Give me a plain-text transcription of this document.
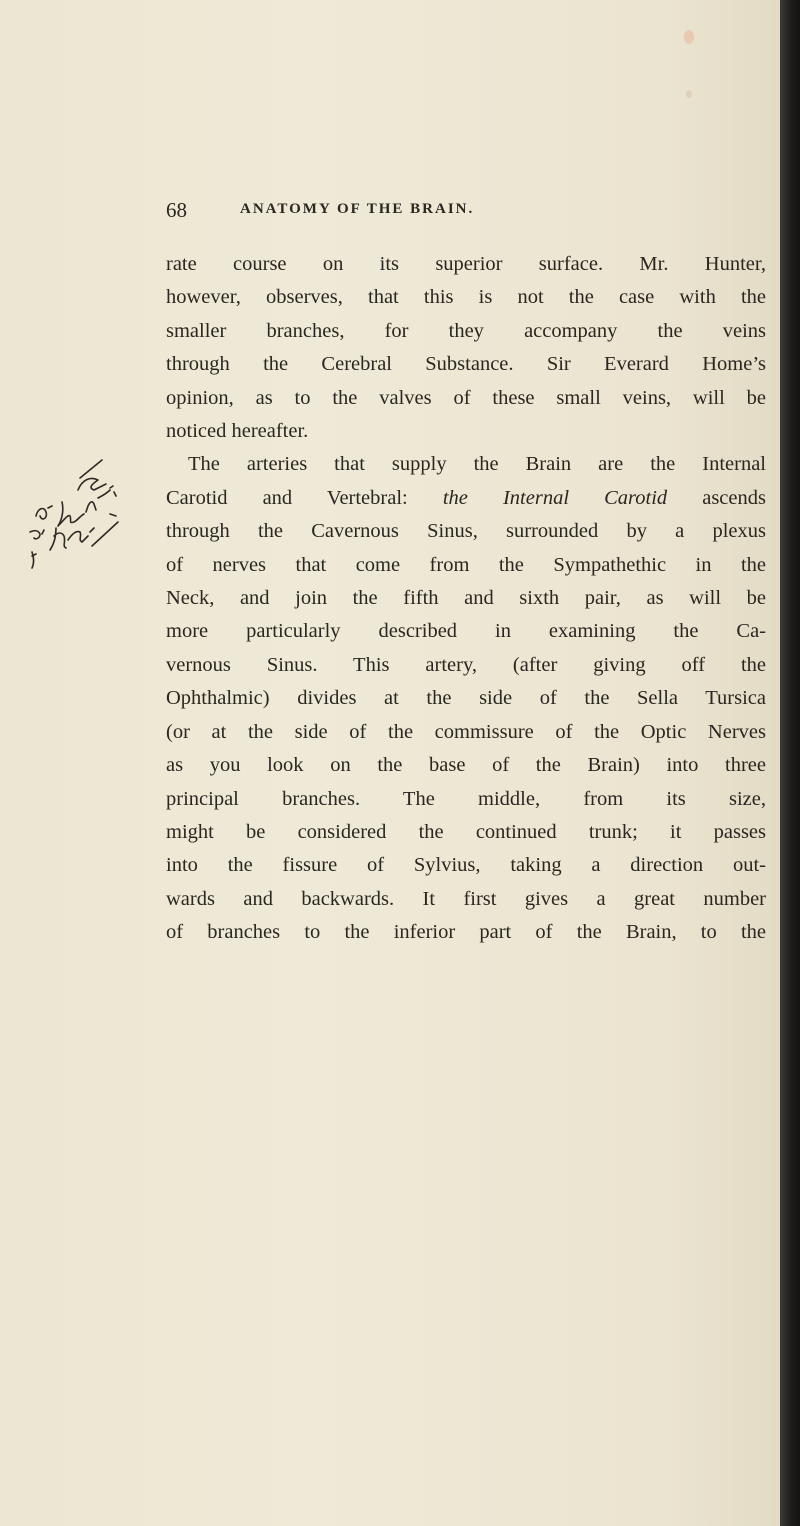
68	ANATOMY OF THE BRAIN.
rate course on its superior surface. Mr. Hunter,
however, observes, that this is not the case with the
smaller branches, for they accompany the veins
through the Cerebral Substance. Sir Everard Home’s
opinion, as to the valves of these small veins, will be
noticed hereafter.
The arteries that supply the Brain are the Internal
Carotid and Vertebral: the Internal Carotid ascends
through the Cavernous Sinus, surrounded by a plexus
of nerves that come from the Sympathethic in the
Neck, and join the fifth and sixth pair, as will be
more particularly described in examining the Ca-
vernous Sinus. This artery, (after giving off the
Ophthalmic) divides at the side of the Sella Tursica
(or at the side of the commissure of the Optic Nerves
as you look on the base of the Brain) into three
principal branches. The middle, from its size,
might be considered the continued trunk; it passes
into the fissure of Sylvius, taking a direction out-
wards and backwards. It first gives a great number
of branches to the inferior part of the Brain, to the
